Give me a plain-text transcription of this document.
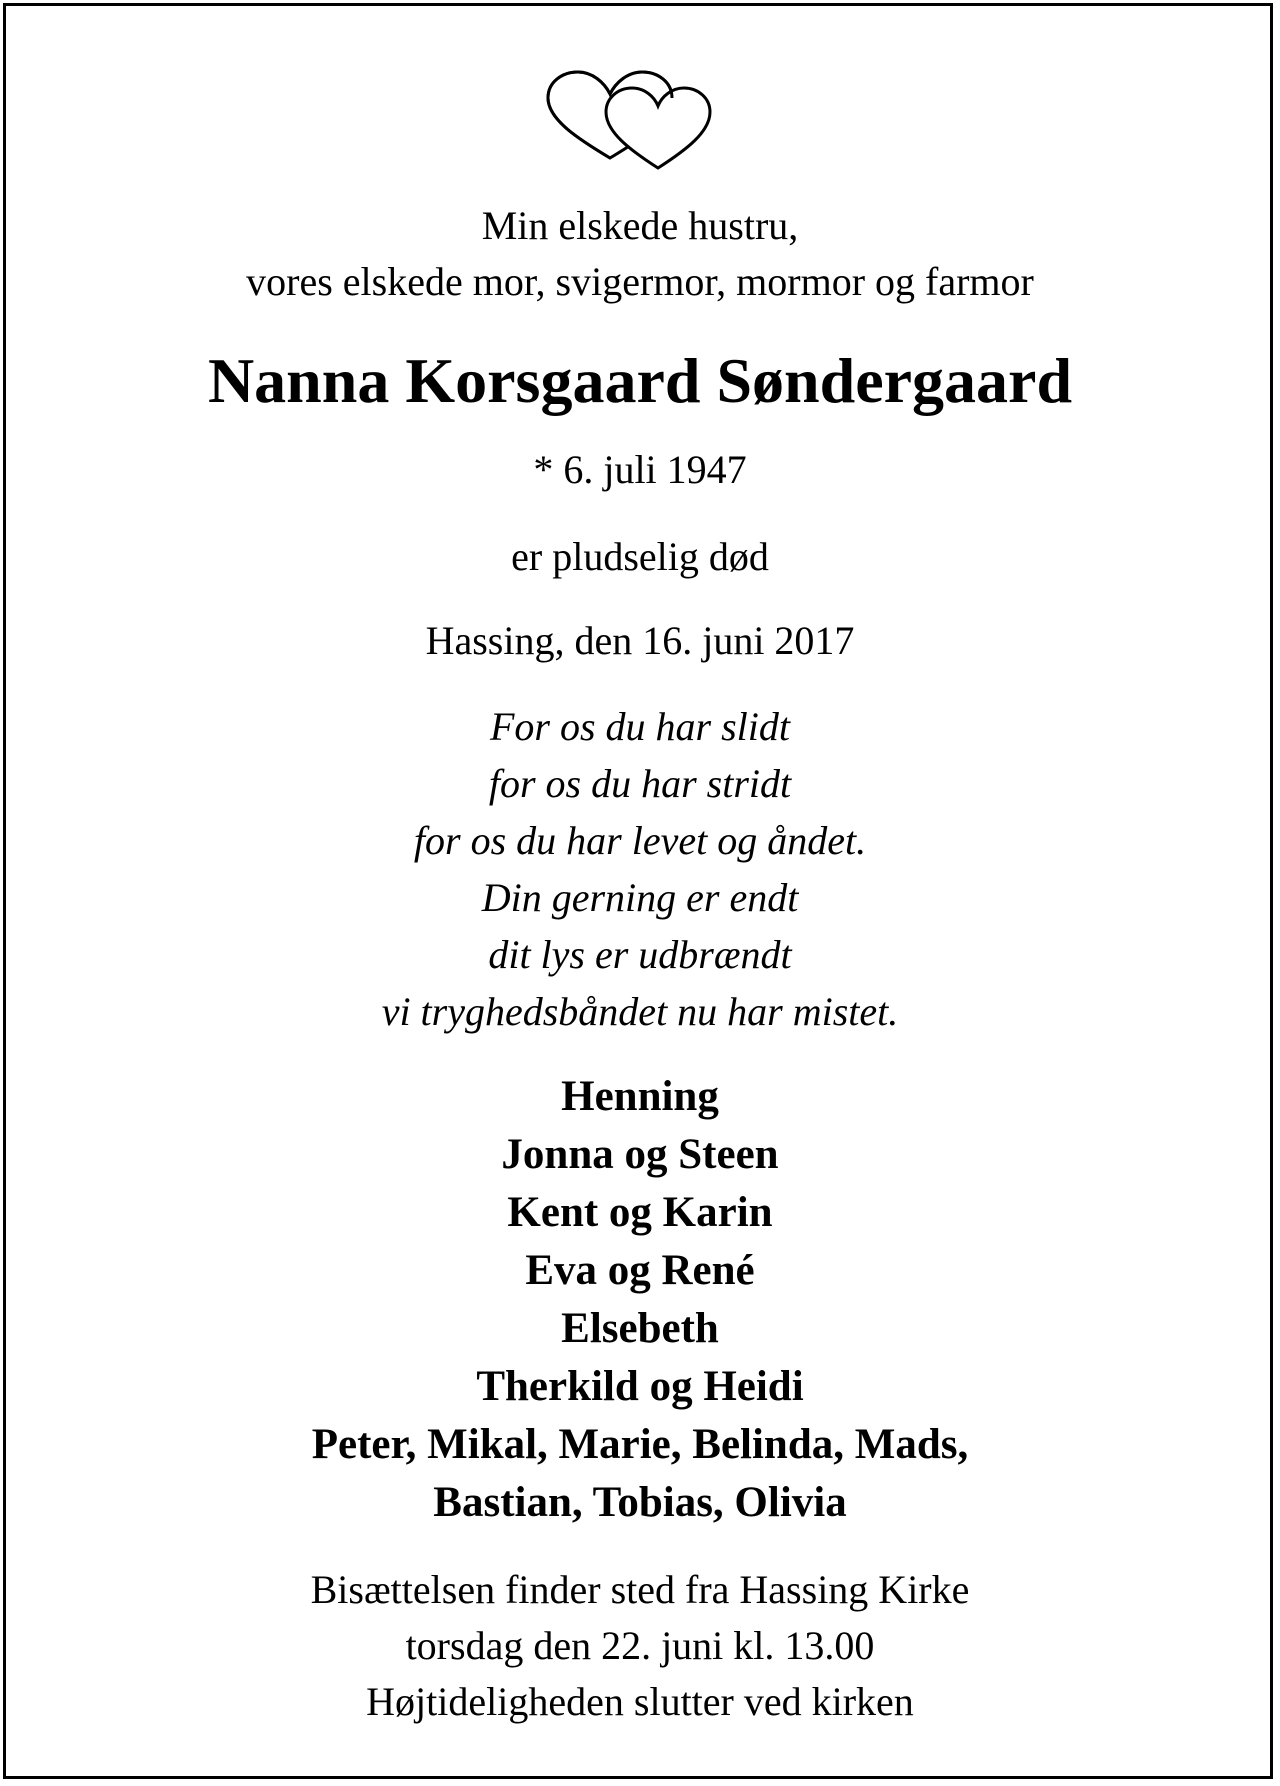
Min elskede hustru,
vores elskede mor, svigermor, mormor og farmor
Nanna Korsgaard Søndergaard
* 6. juli 1947
er pludselig død
Hassing, den 16. juni 2017
For os du har slidt
for os du har stridt
for os du har levet og åndet.
Din gerning er endt
dit lys er udbrændt
vi tryghedsbåndet nu har mistet.
Henning
Jonna og Steen
Kent og Karin
Eva og René
Elsebeth
Therkild og Heidi
Peter, Mikal, Marie, Belinda, Mads,
Bastian, Tobias, Olivia
Bisættelsen finder sted fra Hassing Kirke
torsdag den 22. juni kl. 13.00
Højtideligheden slutter ved kirken
